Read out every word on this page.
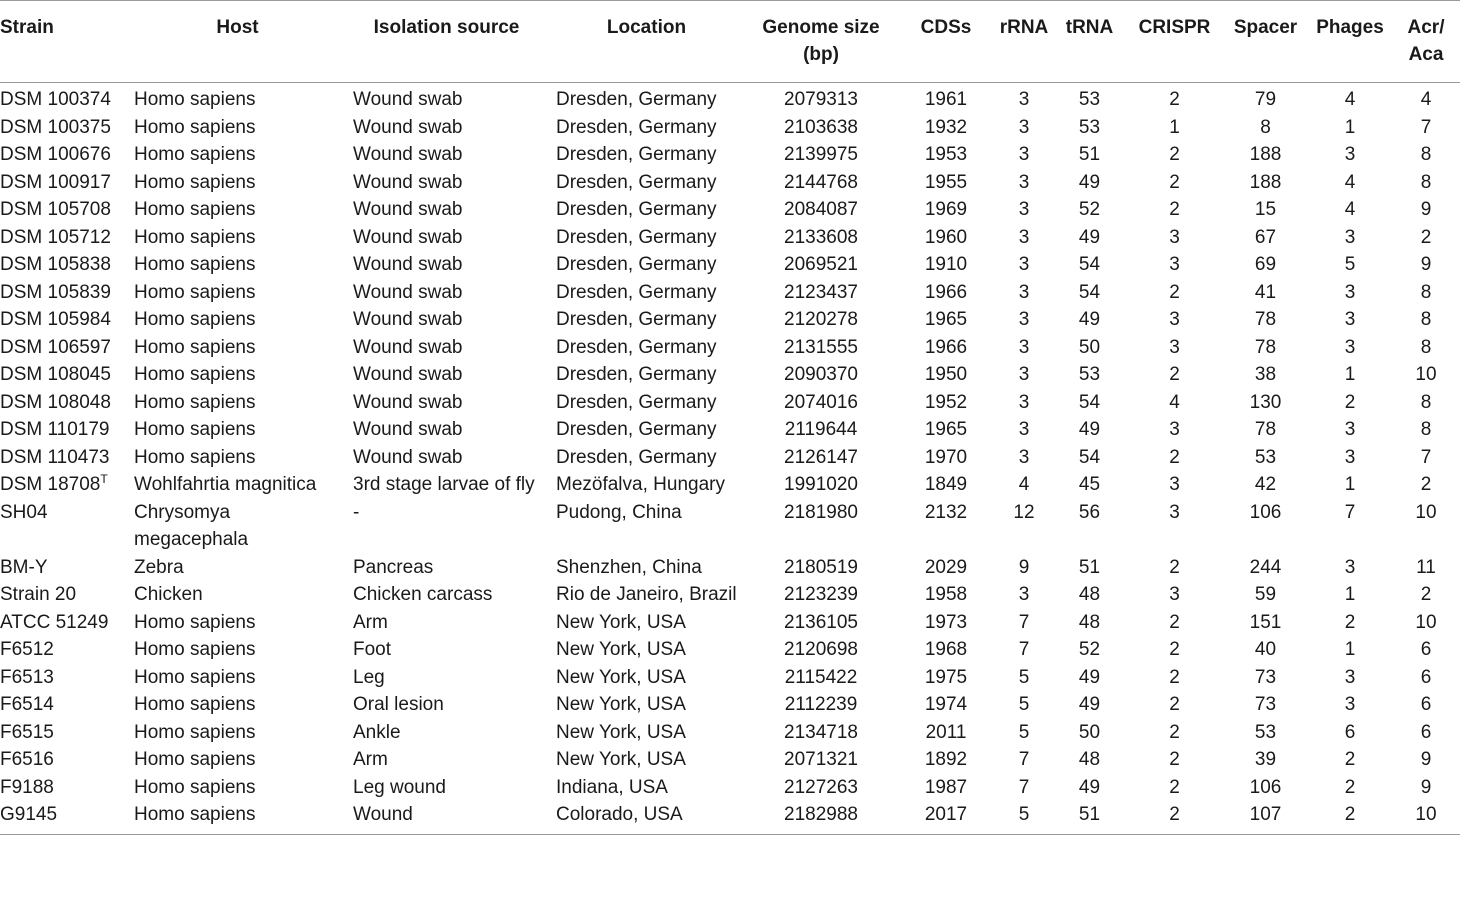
Strain	Host	Isolation source	Location	Genome size (bp)	CDSs	rRNA	tRNA	CRISPR	Spacer	Phages	Acr/ Aca
DSM 100374	Homo sapiens	Wound swab	Dresden, Germany	2079313	1961	3	53	2	79	4	4
DSM 100375	Homo sapiens	Wound swab	Dresden, Germany	2103638	1932	3	53	1	8	1	7
DSM 100676	Homo sapiens	Wound swab	Dresden, Germany	2139975	1953	3	51	2	188	3	8
DSM 100917	Homo sapiens	Wound swab	Dresden, Germany	2144768	1955	3	49	2	188	4	8
DSM 105708	Homo sapiens	Wound swab	Dresden, Germany	2084087	1969	3	52	2	15	4	9
DSM 105712	Homo sapiens	Wound swab	Dresden, Germany	2133608	1960	3	49	3	67	3	2
DSM 105838	Homo sapiens	Wound swab	Dresden, Germany	2069521	1910	3	54	3	69	5	9
DSM 105839	Homo sapiens	Wound swab	Dresden, Germany	2123437	1966	3	54	2	41	3	8
DSM 105984	Homo sapiens	Wound swab	Dresden, Germany	2120278	1965	3	49	3	78	3	8
DSM 106597	Homo sapiens	Wound swab	Dresden, Germany	2131555	1966	3	50	3	78	3	8
DSM 108045	Homo sapiens	Wound swab	Dresden, Germany	2090370	1950	3	53	2	38	1	10
DSM 108048	Homo sapiens	Wound swab	Dresden, Germany	2074016	1952	3	54	4	130	2	8
DSM 110179	Homo sapiens	Wound swab	Dresden, Germany	2119644	1965	3	49	3	78	3	8
DSM 110473	Homo sapiens	Wound swab	Dresden, Germany	2126147	1970	3	54	2	53	3	7
DSM $18708^T$	Wohlfahrtia magnitica	3rd stage larvae of fly	Mezöfalva, Hungary	1991020	1849	4	45	3	42	1	2
SH04	Chrysomya megacephala	-	Pudong, China	2181980	2132	12	56	3	106	7	10
BM-Y	Zebra	Pancreas	Shenzhen, China	2180519	2029	9	51	2	244	3	11
Strain 20	Chicken	Chicken carcass	Rio de Janeiro, Brazil	2123239	1958	3	48	3	59	1	2
ATCC 51249	Homo sapiens	Arm	New York, USA	2136105	1973	7	48	2	151	2	10
F6512	Homo sapiens	Foot	New York, USA	2120698	1968	7	52	2	40	1	6
F6513	Homo sapiens	Leg	New York, USA	2115422	1975	5	49	2	73	3	6
F6514	Homo sapiens	Oral lesion	New York, USA	2112239	1974	5	49	2	73	3	6
F6515	Homo sapiens	Ankle	New York, USA	2134718	2011	5	50	2	53	6	6
F6516	Homo sapiens	Arm	New York, USA	2071321	1892	7	48	2	39	2	9
F9188	Homo sapiens	Leg wound	Indiana, USA	2127263	1987	7	49	2	106	2	9
G9145	Homo sapiens	Wound	Colorado, USA	2182988	2017	5	51	2	107	2	10
